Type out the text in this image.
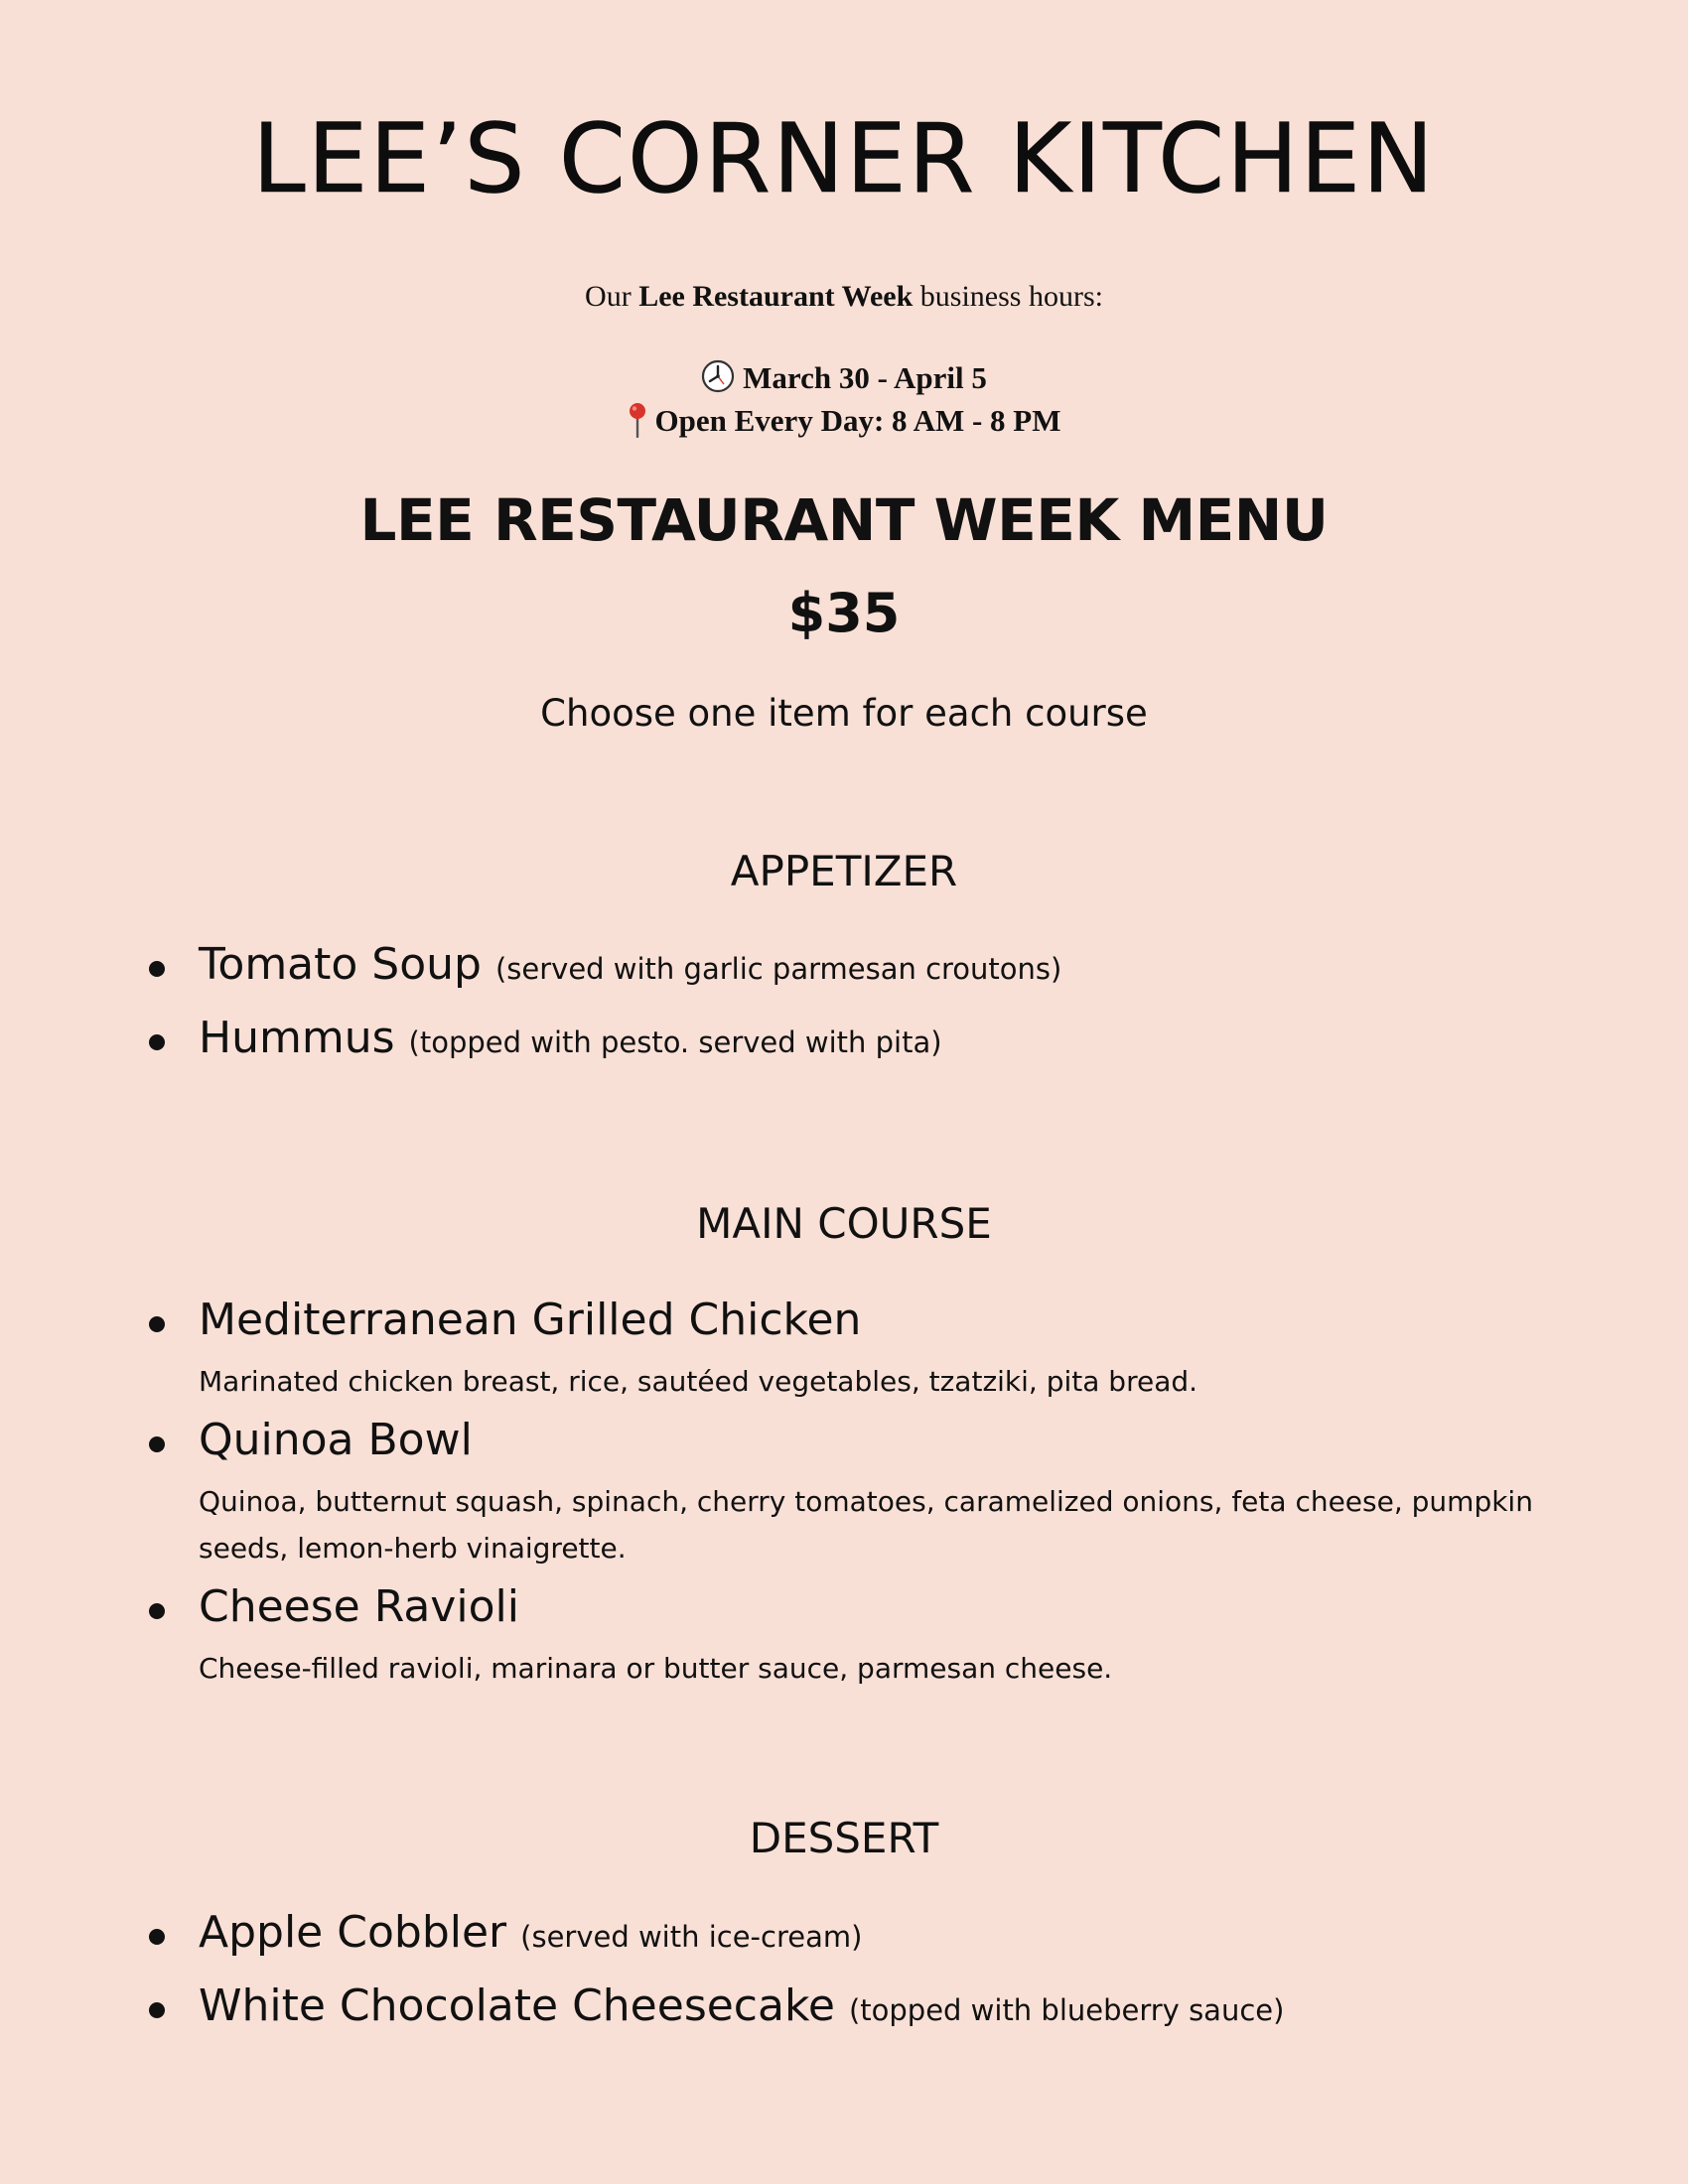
LEE’S CORNER KITCHEN
Our Lee Restaurant Week business hours:
March 30 - April 5
Open Every Day: 8 AM - 8 PM
LEE RESTAURANT WEEK MENU
$35
Choose one item for each course
APPETIZER
Tomato Soup (served with garlic parmesan croutons)
Hummus (topped with pesto. served with pita)
MAIN COURSE
Mediterranean Grilled Chicken
Marinated chicken breast, rice, sautéed vegetables, tzatziki, pita bread.
Quinoa Bowl
Quinoa, butternut squash, spinach, cherry tomatoes, caramelized onions, feta cheese, pumpkin seeds, lemon-herb vinaigrette.
Cheese Ravioli
Cheese-filled ravioli, marinara or butter sauce, parmesan cheese.
DESSERT
Apple Cobbler (served with ice-cream)
White Chocolate Cheesecake (topped with blueberry sauce)
